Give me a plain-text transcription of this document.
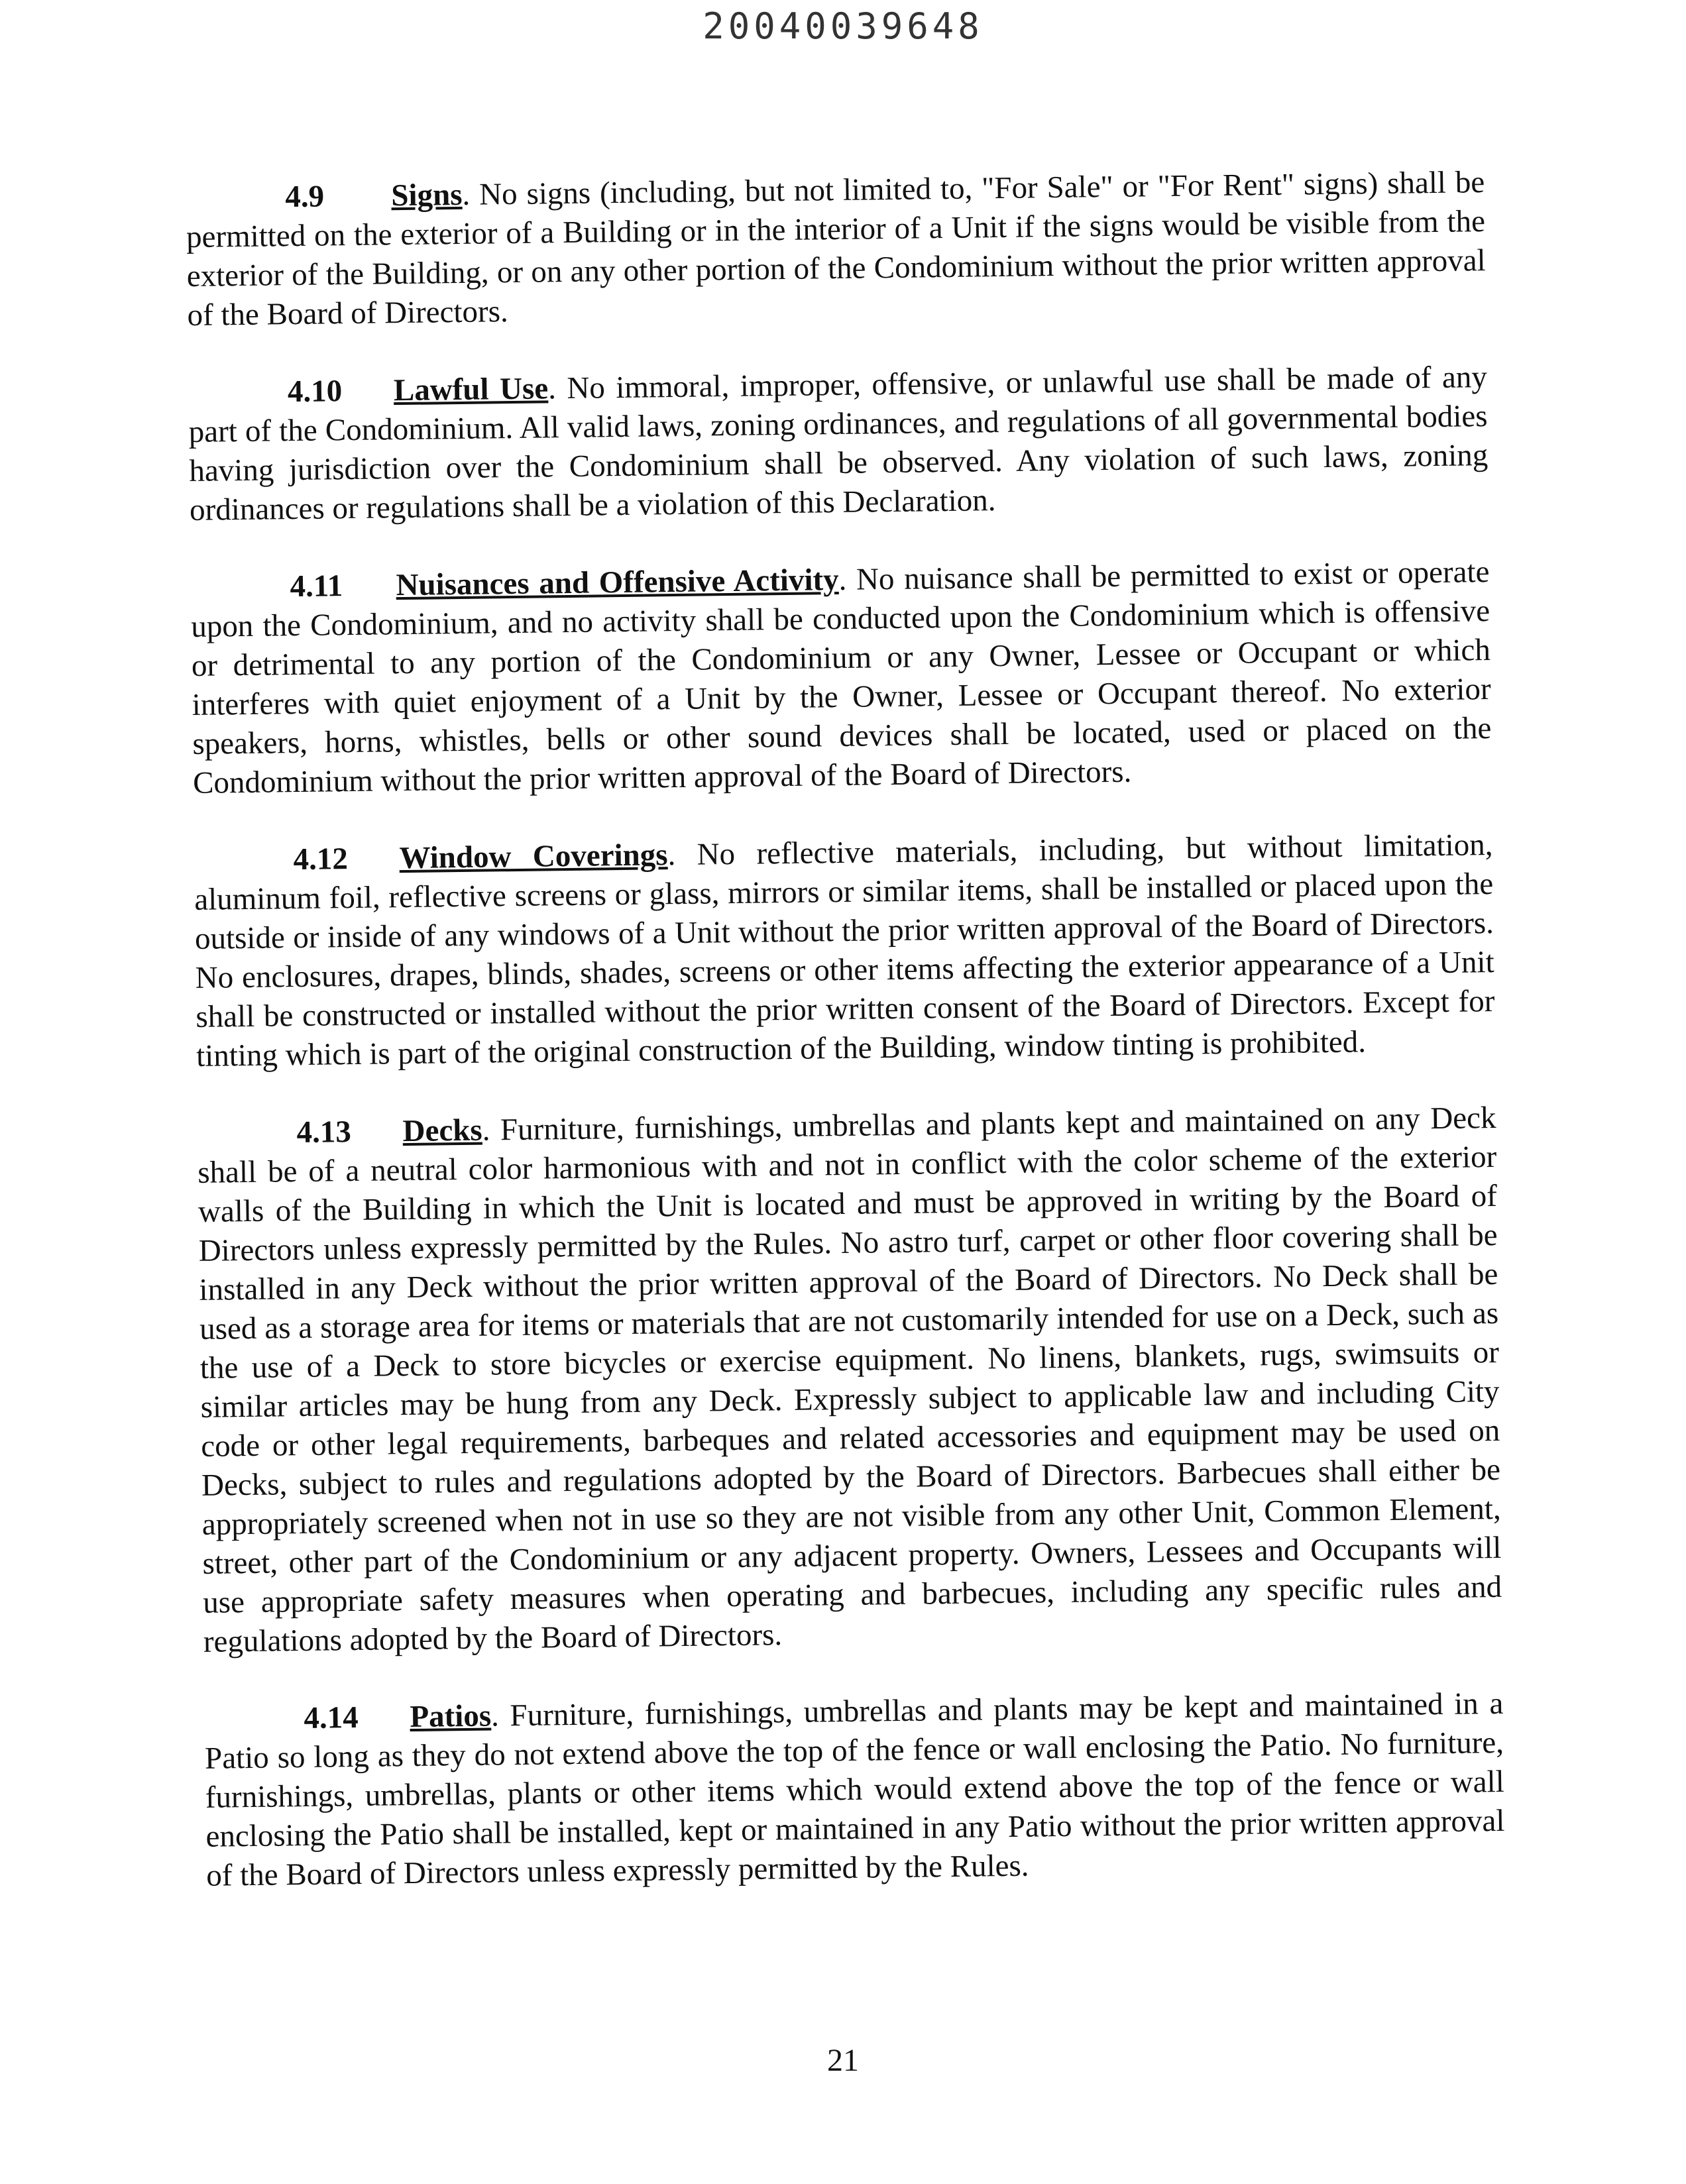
20040039648

4.9 Signs. No signs (including, but not limited to, "For Sale" or "For Rent" signs) shall be permitted on the exterior of a Building or in the interior of a Unit if the signs would be visible from the exterior of the Building, or on any other portion of the Condominium without the prior written approval of the Board of Directors.

4.10 Lawful Use. No immoral, improper, offensive, or unlawful use shall be made of any part of the Condominium. All valid laws, zoning ordinances, and regulations of all governmental bodies having jurisdiction over the Condominium shall be observed. Any violation of such laws, zoning ordinances or regulations shall be a violation of this Declaration.

4.11 Nuisances and Offensive Activity. No nuisance shall be permitted to exist or operate upon the Condominium, and no activity shall be conducted upon the Condominium which is offensive or detrimental to any portion of the Condominium or any Owner, Lessee or Occupant or which interferes with quiet enjoyment of a Unit by the Owner, Lessee or Occupant thereof. No exterior speakers, horns, whistles, bells or other sound devices shall be located, used or placed on the Condominium without the prior written approval of the Board of Directors.

4.12 Window Coverings. No reflective materials, including, but without limitation, aluminum foil, reflective screens or glass, mirrors or similar items, shall be installed or placed upon the outside or inside of any windows of a Unit without the prior written approval of the Board of Directors. No enclosures, drapes, blinds, shades, screens or other items affecting the exterior appearance of a Unit shall be constructed or installed without the prior written consent of the Board of Directors. Except for tinting which is part of the original construction of the Building, window tinting is prohibited.

4.13 Decks. Furniture, furnishings, umbrellas and plants kept and maintained on any Deck shall be of a neutral color harmonious with and not in conflict with the color scheme of the exterior walls of the Building in which the Unit is located and must be approved in writing by the Board of Directors unless expressly permitted by the Rules. No astro turf, carpet or other floor covering shall be installed in any Deck without the prior written approval of the Board of Directors. No Deck shall be used as a storage area for items or materials that are not customarily intended for use on a Deck, such as the use of a Deck to store bicycles or exercise equipment. No linens, blankets, rugs, swimsuits or similar articles may be hung from any Deck. Expressly subject to applicable law and including City code or other legal requirements, barbeques and related accessories and equipment may be used on Decks, subject to rules and regulations adopted by the Board of Directors. Barbecues shall either be appropriately screened when not in use so they are not visible from any other Unit, Common Element, street, other part of the Condominium or any adjacent property. Owners, Lessees and Occupants will use appropriate safety measures when operating and barbecues, including any specific rules and regulations adopted by the Board of Directors.

4.14 Patios. Furniture, furnishings, umbrellas and plants may be kept and maintained in a Patio so long as they do not extend above the top of the fence or wall enclosing the Patio. No furniture, furnishings, umbrellas, plants or other items which would extend above the top of the fence or wall enclosing the Patio shall be installed, kept or maintained in any Patio without the prior written approval of the Board of Directors unless expressly permitted by the Rules.

21
